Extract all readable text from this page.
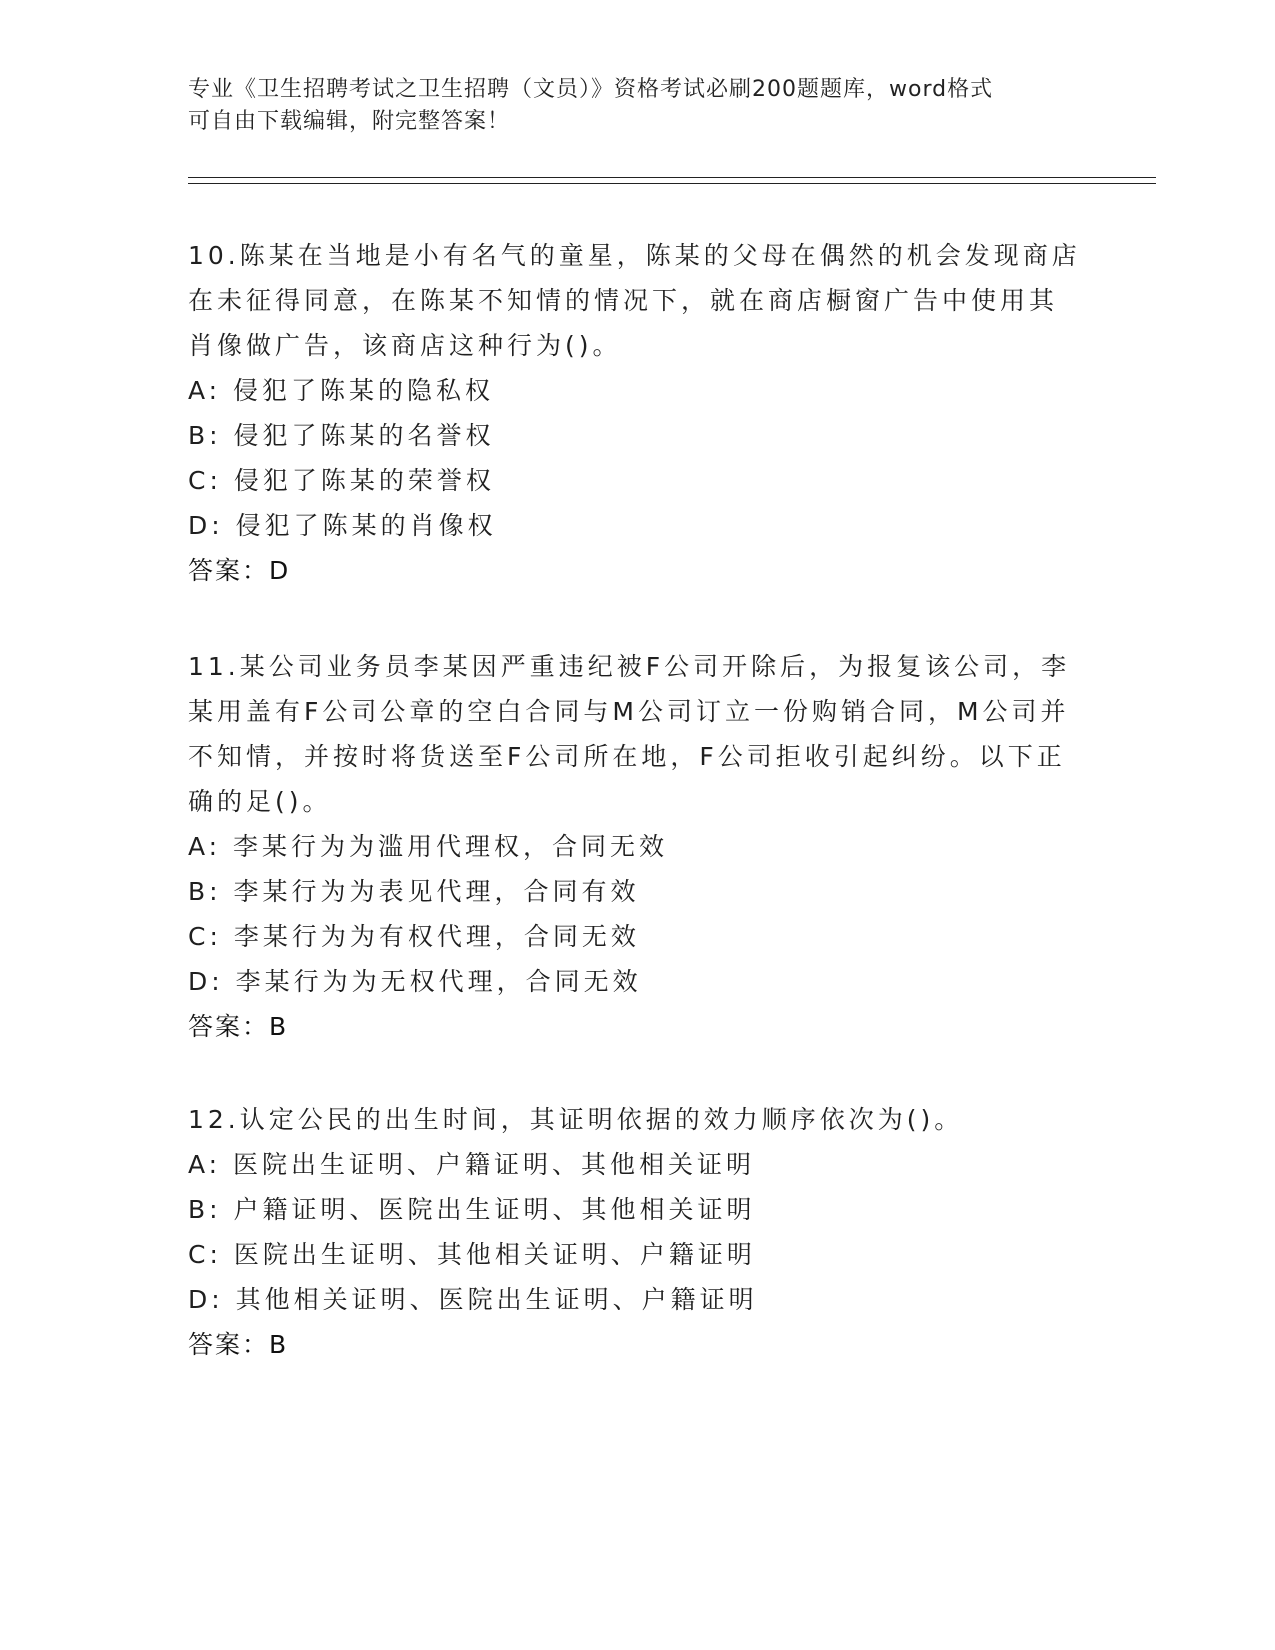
专业《卫生招聘考试之卫生招聘（文员）》资格考试必刷200题题库，word格式
可自由下载编辑，附完整答案！
10.陈某在当地是小有名气的童星，陈某的父母在偶然的机会发现商店
在未征得同意，在陈某不知情的情况下，就在商店橱窗广告中使用其
肖像做广告，该商店这种行为()。
A: 侵犯了陈某的隐私权
B: 侵犯了陈某的名誉权
C: 侵犯了陈某的荣誉权
D: 侵犯了陈某的肖像权
答案：D
11.某公司业务员李某因严重违纪被F公司开除后，为报复该公司，李
某用盖有F公司公章的空白合同与M公司订立一份购销合同，M公司并
不知情，并按时将货送至F公司所在地，F公司拒收引起纠纷。以下正
确的足()。
A: 李某行为为滥用代理权，合同无效
B: 李某行为为表见代理，合同有效
C: 李某行为为有权代理，合同无效
D: 李某行为为无权代理，合同无效
答案：B
12.认定公民的出生时间，其证明依据的效力顺序依次为()。
A: 医院出生证明、户籍证明、其他相关证明
B: 户籍证明、医院出生证明、其他相关证明
C: 医院出生证明、其他相关证明、户籍证明
D: 其他相关证明、医院出生证明、户籍证明
答案：B
